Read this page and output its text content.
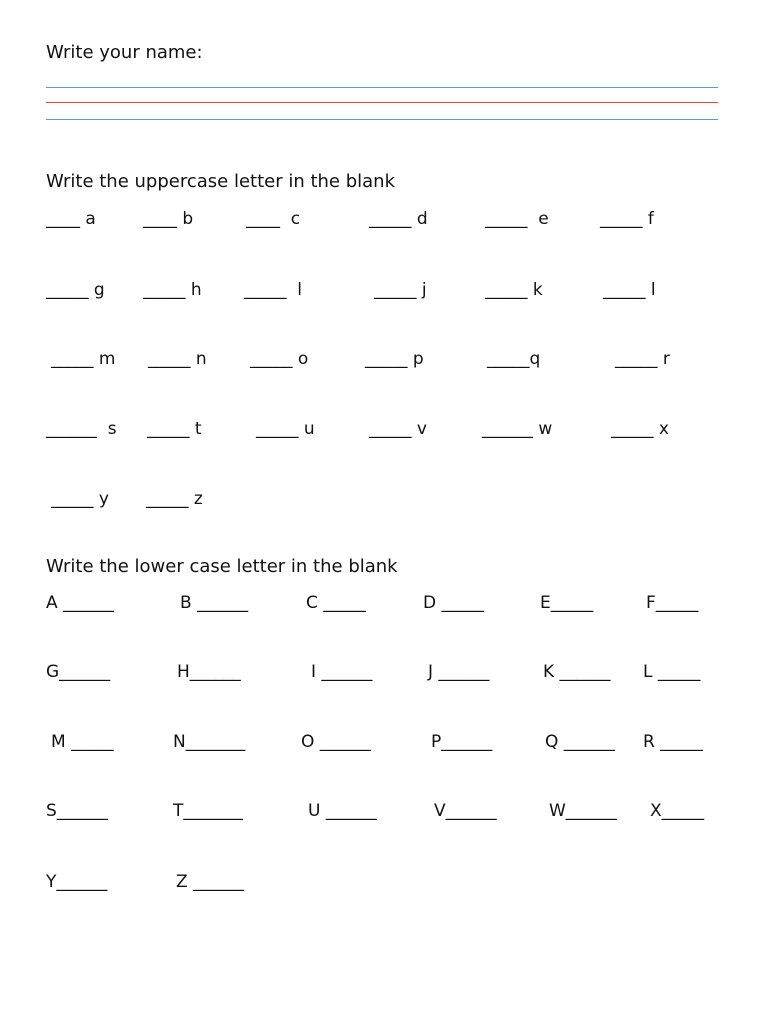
Write your name:
Write the uppercase letter in the blank
____ a	____ b	____  c	_____ d	_____  e	_____ f
_____ g _____ h _____  l	_____ j	_____ k	_____ l
_____ m _____ n	_____ o	_____ p	_____q	_____ r
______  s _____ t	_____ u	_____ v	______ w	_____ x
_____ y _____ z
Write the lower case letter in the blank
A ______	B ______	C _____	D _____	E_____	F_____
G______	H______	I ______	J ______	K ______ L _____
M _____	N_______	O ______	P______	Q ______ R _____
S______	T_______	U ______	V______	W______ X_____
Y______	Z ______
